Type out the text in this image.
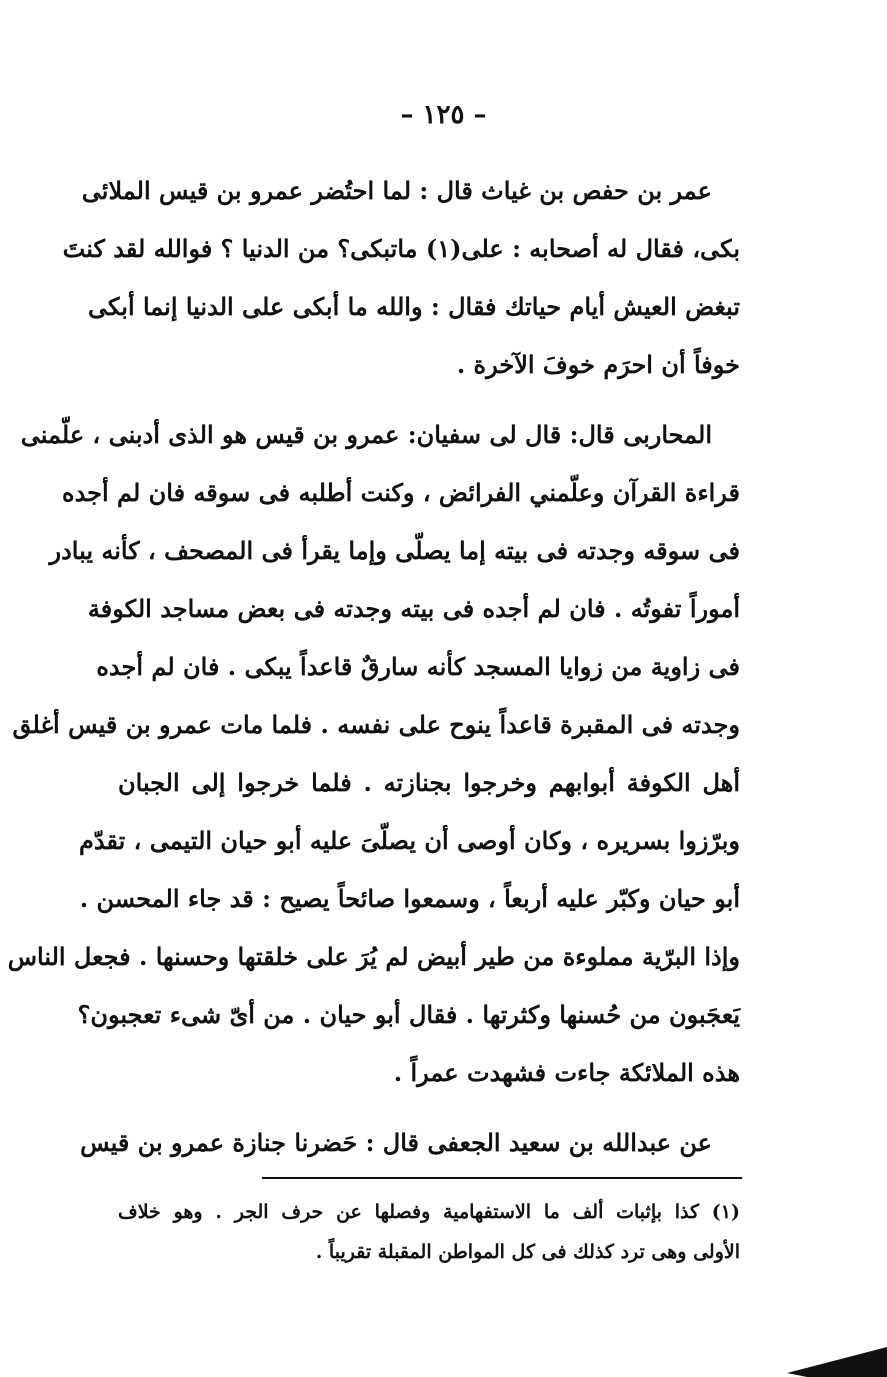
– ١٢٥ –
عمر بن حفص بن غياث قال : لما احتُضر عمرو بن قيس الملائى
بكى، فقال له أصحابه : على(١) ماتبكى؟ من الدنيا ؟ فوالله لقد كنتَ
تبغض العيش أيام حياتك فقال : والله ما أبكى على الدنيا إنما أبكى
خوفاً أن احرَم خوفَ الآخرة .
المحاربى قال: قال لى سفيان: عمرو بن قيس هو الذى أدبنى ، علّمنى
قراءة القرآن وعلّمني الفرائض ، وكنت أطلبه فى سوقه فان لم أجده
فى سوقه وجدته فى بيته إما يصلّى وإما يقرأ فى المصحف ، كأنه يبادر
أموراً تفوتُه . فان لم أجده فى بيته وجدته فى بعض مساجد الكوفة
فى زاوية من زوايا المسجد كأنه سارقٌ قاعداً يبكى . فان لم أجده
وجدته فى المقبرة قاعداً ينوح على نفسه . فلما مات عمرو بن قيس أغلق
أهل الكوفة أبوابهم وخرجوا بجنازته . فلما خرجوا إلى الجبان
وبرّزوا بسريره ، وكان أوصى أن يصلّىَ عليه أبو حيان التيمى ، تقدّم
أبو حيان وكبّر عليه أربعاً ، وسمعوا صائحاً يصيح : قد جاء المحسن .
وإذا البرّية مملوءة من طير أبيض لم يُرَ على خلقتها وحسنها . فجعل الناس
يَعجَبون من حُسنها وكثرتها . فقال أبو حيان . من أىّ شىء تعجبون؟
هذه الملائكة جاءت فشهدت عمراً .
عن عبدالله بن سعيد الجعفى قال : حَضرنا جنازة عمرو بن قيس
(١) كذا بإثبات ألف ما الاستفهامية وفصلها عن حرف الجر . وهو خلاف
الأولى وهى ترد كذلك فى كل المواطن المقبلة تقريباً .
